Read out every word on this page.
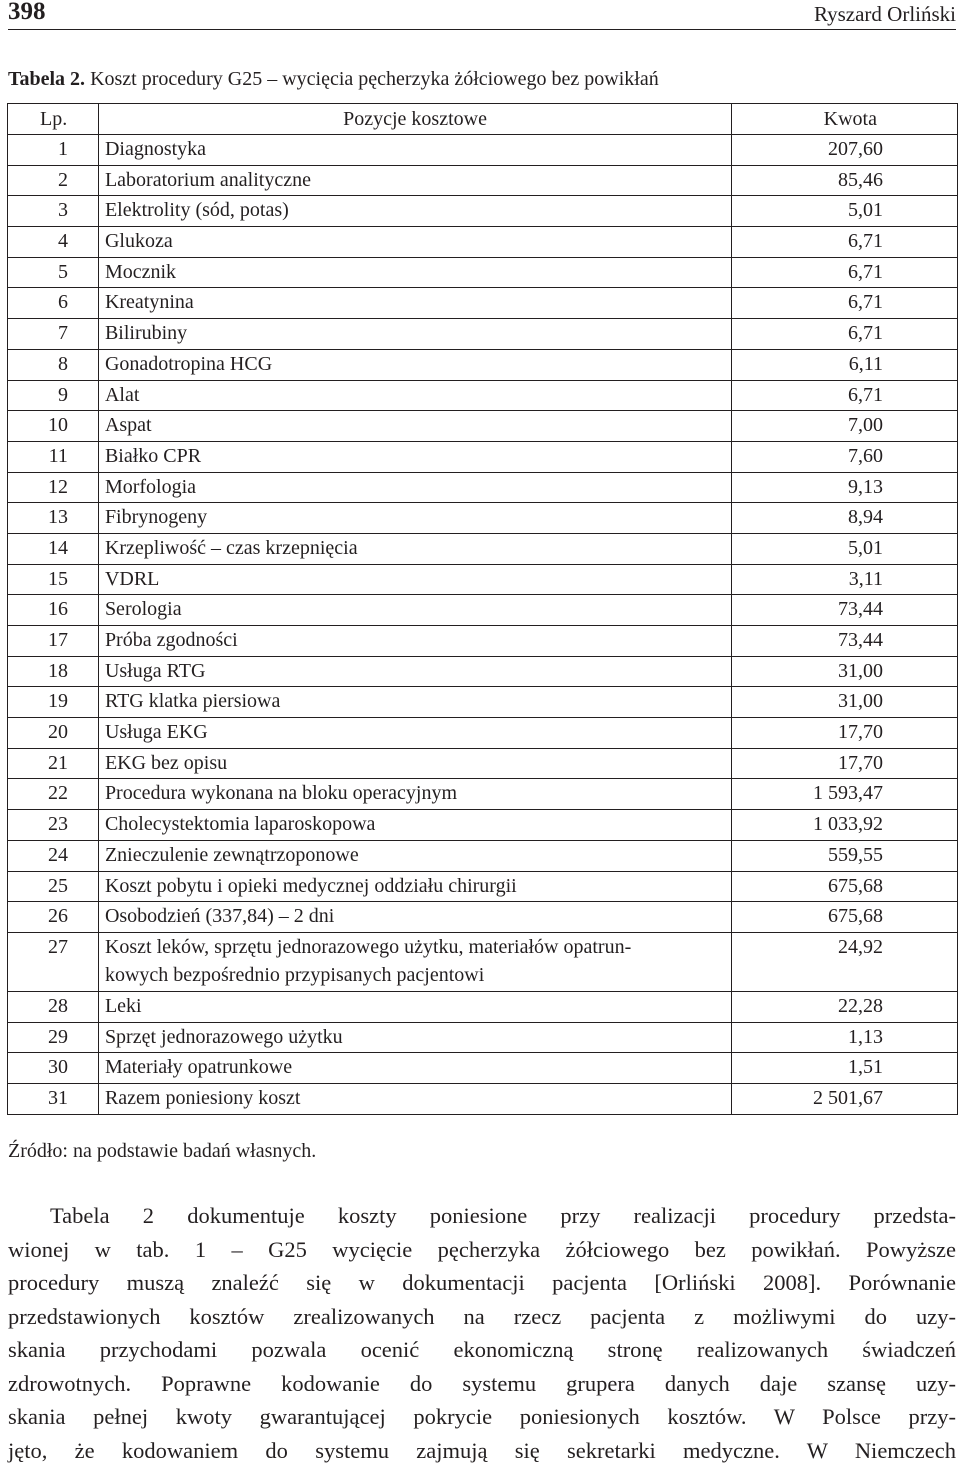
398	Ryszard Orliński
Tabela 2. Koszt procedury G25 – wycięcia pęcherzyka żółciowego bez powikłań
Lp.	Pozycje kosztowe	Kwota
1	Diagnostyka	207,60
2	Laboratorium analityczne	85,46
3	Elektrolity (sód, potas)	5,01
4	Glukoza	6,71
5	Mocznik	6,71
6	Kreatynina	6,71
7	Bilirubiny	6,71
8	Gonadotropina HCG	6,11
9	Alat	6,71
10	Aspat	7,00
11	Białko CPR	7,60
12	Morfologia	9,13
13	Fibrynogeny	8,94
14	Krzepliwość – czas krzepnięcia	5,01
15	VDRL	3,11
16	Serologia	73,44
17	Próba zgodności	73,44
18	Usługa RTG	31,00
19	RTG klatka piersiowa	31,00
20	Usługa EKG	17,70
21	EKG bez opisu	17,70
22	Procedura wykonana na bloku operacyjnym	1 593,47
23	Cholecystektomia laparoskopowa	1 033,92
24	Znieczulenie zewnątrzoponowe	559,55
25	Koszt pobytu i opieki medycznej oddziału chirurgii	675,68
26	Osobodzień (337,84) – 2 dni	675,68
27	Koszt leków, sprzętu jednorazowego użytku, materiałów opatrun-
kowych bezpośrednio przypisanych pacjentowi	24,92
28	Leki	22,28
29	Sprzęt jednorazowego użytku	1,13
30	Materiały opatrunkowe	1,51
31	Razem poniesiony koszt	2 501,67
Źródło: na podstawie badań własnych.
Tabela 2 dokumentuje koszty poniesione przy realizacji procedury przedsta-
wionej w tab. 1 – G25 wycięcie pęcherzyka żółciowego bez powikłań. Powyższe
procedury muszą znaleźć się w dokumentacji pacjenta [Orliński 2008]. Porównanie
przedstawionych kosztów zrealizowanych na rzecz pacjenta z możliwymi do uzy-
skania przychodami pozwala ocenić ekonomiczną stronę realizowanych świadczeń
zdrowotnych. Poprawne kodowanie do systemu grupera danych daje szansę uzy-
skania pełnej kwoty gwarantującej pokrycie poniesionych kosztów. W Polsce przy-
jęto, że kodowaniem do systemu zajmują się sekretarki medyczne. W Niemczech
